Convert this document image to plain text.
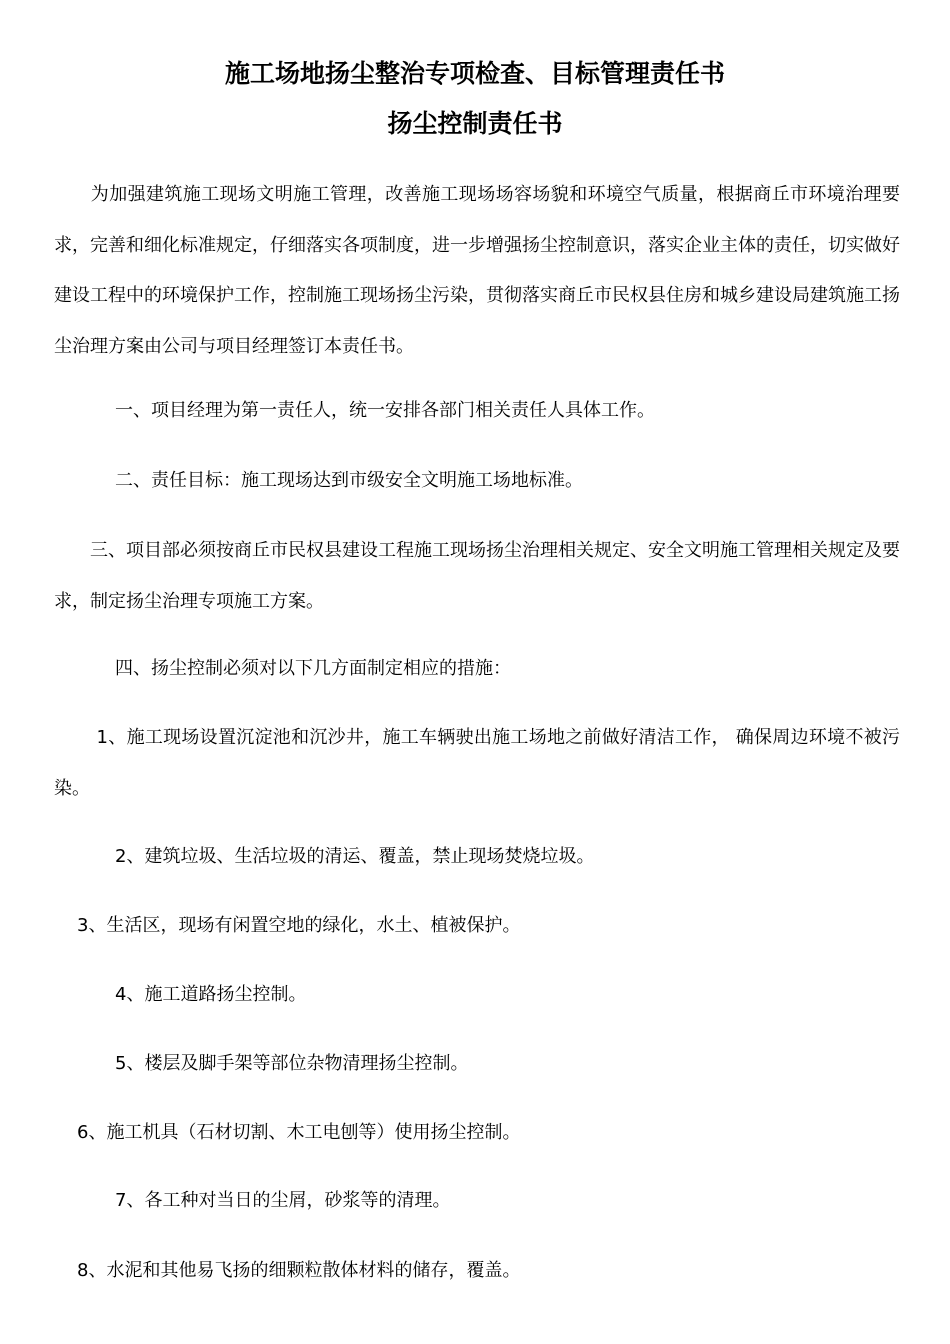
施工场地扬尘整治专项检查、目标管理责任书
扬尘控制责任书

　　为加强建筑施工现场文明施工管理，改善施工现场场容场貌和环境空气质量，根据商丘市环境治理要求，完善和细化标准规定，仔细落实各项制度，进一步增强扬尘控制意识，落实企业主体的责任，切实做好建设工程中的环境保护工作，控制施工现场扬尘污染，贯彻落实商丘市民权县住房和城乡建设局建筑施工扬尘治理方案由公司与项目经理签订本责任书。

一、项目经理为第一责任人，统一安排各部门相关责任人具体工作。
二、责任目标：施工现场达到市级安全文明施工场地标准。

　　三、项目部必须按商丘市民权县建设工程施工现场扬尘治理相关规定、安全文明施工管理相关规定及要求，制定扬尘治理专项施工方案。

四、扬尘控制必须对以下几方面制定相应的措施：

　　 1、施工现场设置沉淀池和沉沙井，施工车辆驶出施工场地之前做好清洁工作， 确保周边环境不被污染。

2、建筑垃圾、生活垃圾的清运、覆盖，禁止现场焚烧垃圾。
3、生活区，现场有闲置空地的绿化，水土、植被保护。
4、施工道路扬尘控制。
5、楼层及脚手架等部位杂物清理扬尘控制。
6、施工机具（石材切割、木工电刨等）使用扬尘控制。
7、各工种对当日的尘屑，砂浆等的清理。
8、水泥和其他易飞扬的细颗粒散体材料的储存，覆盖。
